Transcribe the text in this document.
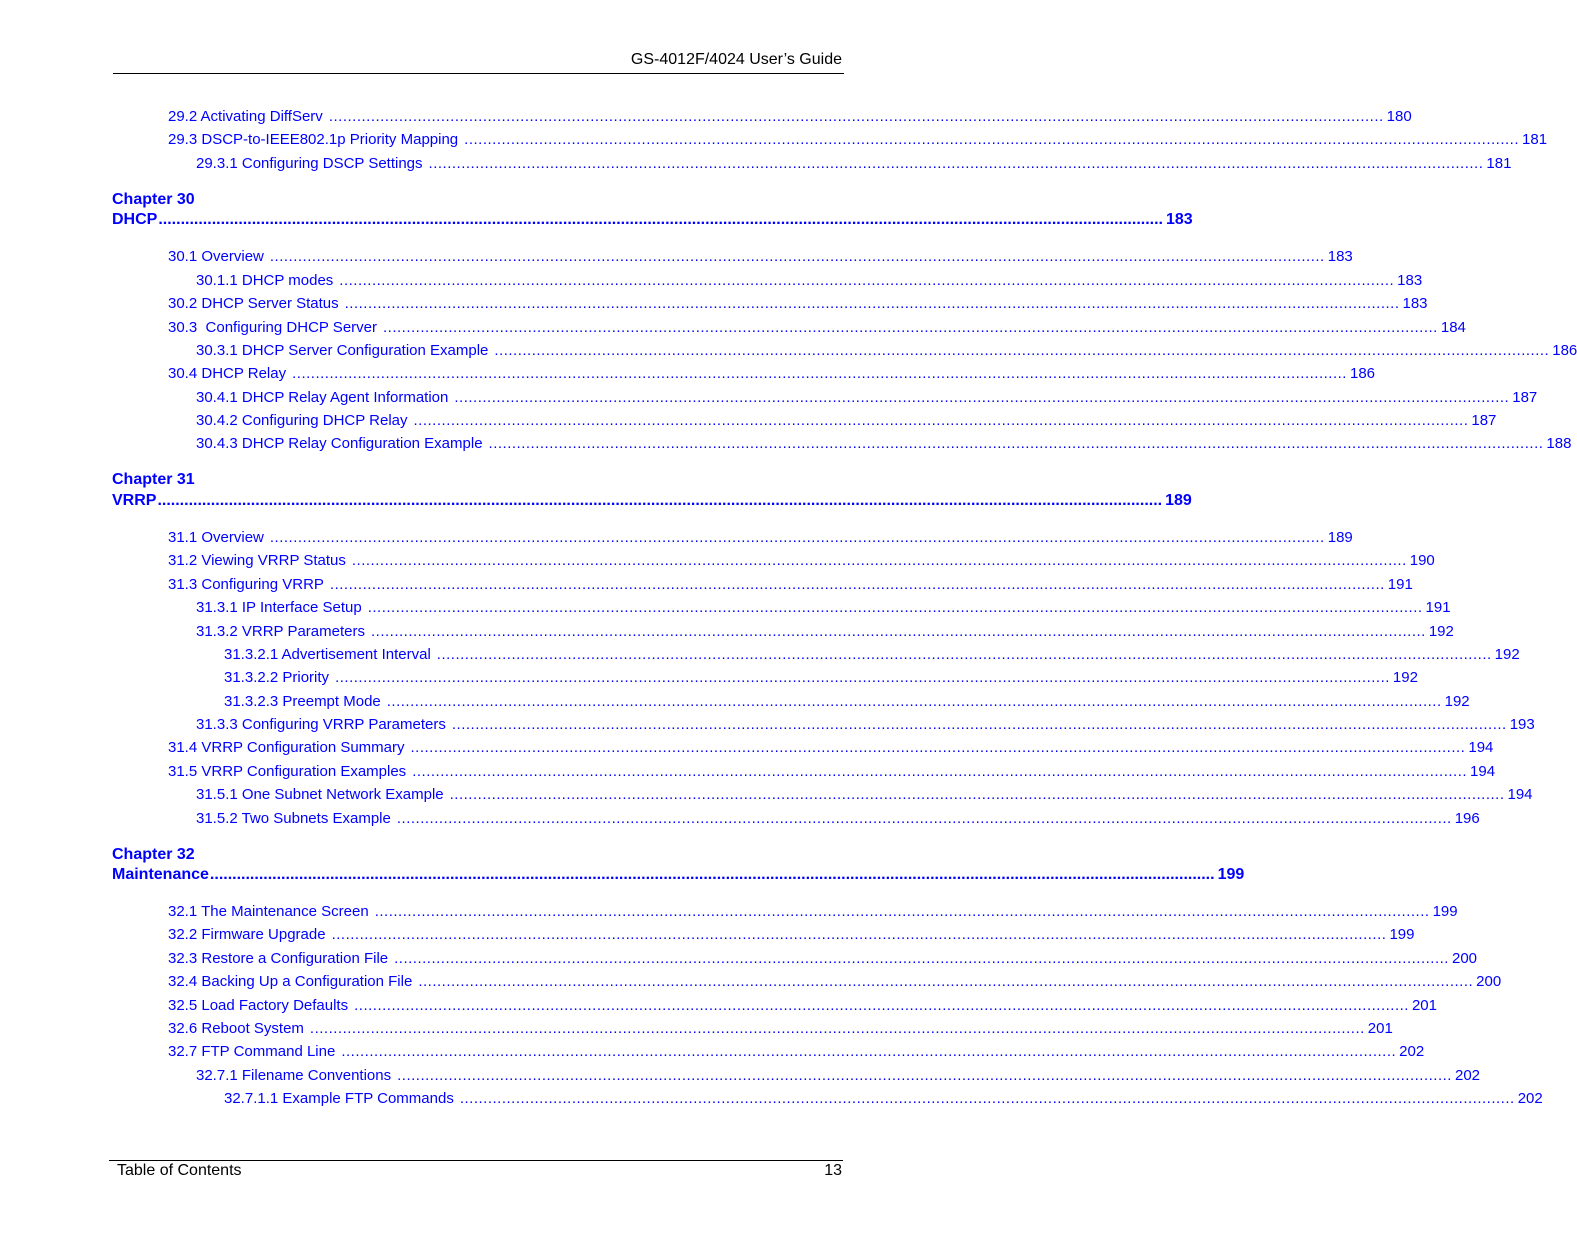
GS-4012F/4024 User’s Guide
29.2 Activating DiffServ .................................................................................................................................................................................................................................. 180
29.3 DSCP-to-IEEE802.1p Priority Mapping .................................................................................................................................................................................................................................. 181
29.3.1 Configuring DSCP Settings .................................................................................................................................................................................................................................. 181
Chapter 30
DHCP .................................................................................................................................................................................................................................. 183
30.1 Overview .................................................................................................................................................................................................................................. 183
30.1.1 DHCP modes .................................................................................................................................................................................................................................. 183
30.2 DHCP Server Status .................................................................................................................................................................................................................................. 183
30.3  Configuring DHCP Server .................................................................................................................................................................................................................................. 184
30.3.1 DHCP Server Configuration Example .................................................................................................................................................................................................................................. 186
30.4 DHCP Relay .................................................................................................................................................................................................................................. 186
30.4.1 DHCP Relay Agent Information .................................................................................................................................................................................................................................. 187
30.4.2 Configuring DHCP Relay .................................................................................................................................................................................................................................. 187
30.4.3 DHCP Relay Configuration Example .................................................................................................................................................................................................................................. 188
Chapter 31
VRRP .................................................................................................................................................................................................................................. 189
31.1 Overview .................................................................................................................................................................................................................................. 189
31.2 Viewing VRRP Status .................................................................................................................................................................................................................................. 190
31.3 Configuring VRRP .................................................................................................................................................................................................................................. 191
31.3.1 IP Interface Setup .................................................................................................................................................................................................................................. 191
31.3.2 VRRP Parameters .................................................................................................................................................................................................................................. 192
31.3.2.1 Advertisement Interval .................................................................................................................................................................................................................................. 192
31.3.2.2 Priority .................................................................................................................................................................................................................................. 192
31.3.2.3 Preempt Mode .................................................................................................................................................................................................................................. 192
31.3.3 Configuring VRRP Parameters .................................................................................................................................................................................................................................. 193
31.4 VRRP Configuration Summary .................................................................................................................................................................................................................................. 194
31.5 VRRP Configuration Examples .................................................................................................................................................................................................................................. 194
31.5.1 One Subnet Network Example .................................................................................................................................................................................................................................. 194
31.5.2 Two Subnets Example .................................................................................................................................................................................................................................. 196
Chapter 32
Maintenance .................................................................................................................................................................................................................................. 199
32.1 The Maintenance Screen .................................................................................................................................................................................................................................. 199
32.2 Firmware Upgrade .................................................................................................................................................................................................................................. 199
32.3 Restore a Configuration File .................................................................................................................................................................................................................................. 200
32.4 Backing Up a Configuration File .................................................................................................................................................................................................................................. 200
32.5 Load Factory Defaults .................................................................................................................................................................................................................................. 201
32.6 Reboot System .................................................................................................................................................................................................................................. 201
32.7 FTP Command Line .................................................................................................................................................................................................................................. 202
32.7.1 Filename Conventions .................................................................................................................................................................................................................................. 202
32.7.1.1 Example FTP Commands .................................................................................................................................................................................................................................. 202
Table of Contents	13
